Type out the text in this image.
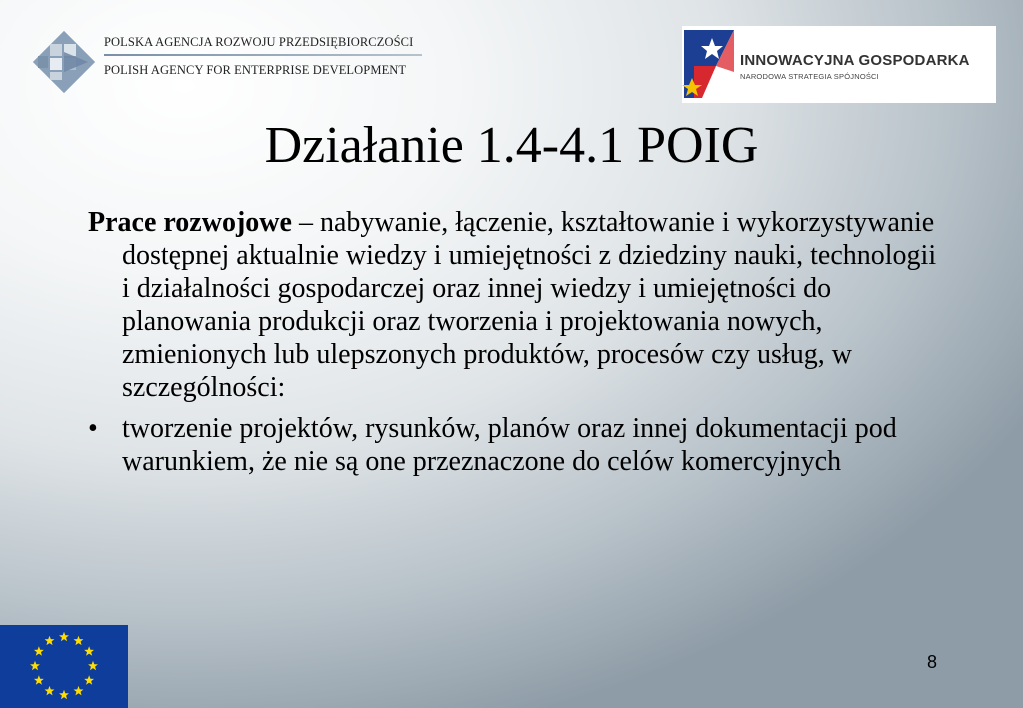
POLSKA AGENCJA ROZWOJU PRZEDSIĘBIORCZOŚCI
POLISH AGENCY FOR ENTERPRISE DEVELOPMENT
INNOWACYJNA GOSPODARKA
NARODOWA STRATEGIA SPÓJNOŚCI
Działanie 1.4-4.1 POIG

Prace rozwojowe – nabywanie, łączenie, kształtowanie i wykorzystywanie dostępnej aktualnie wiedzy i umiejętności z dziedziny nauki, technologii i działalności gospodarczej oraz innej wiedzy i umiejętności do planowania produkcji oraz tworzenia i projektowania nowych, zmienionych lub ulepszonych produktów, procesów czy usług, w szczególności:

• tworzenie projektów, rysunków, planów oraz innej dokumentacji pod warunkiem, że nie są one przeznaczone do celów komercyjnych
8
